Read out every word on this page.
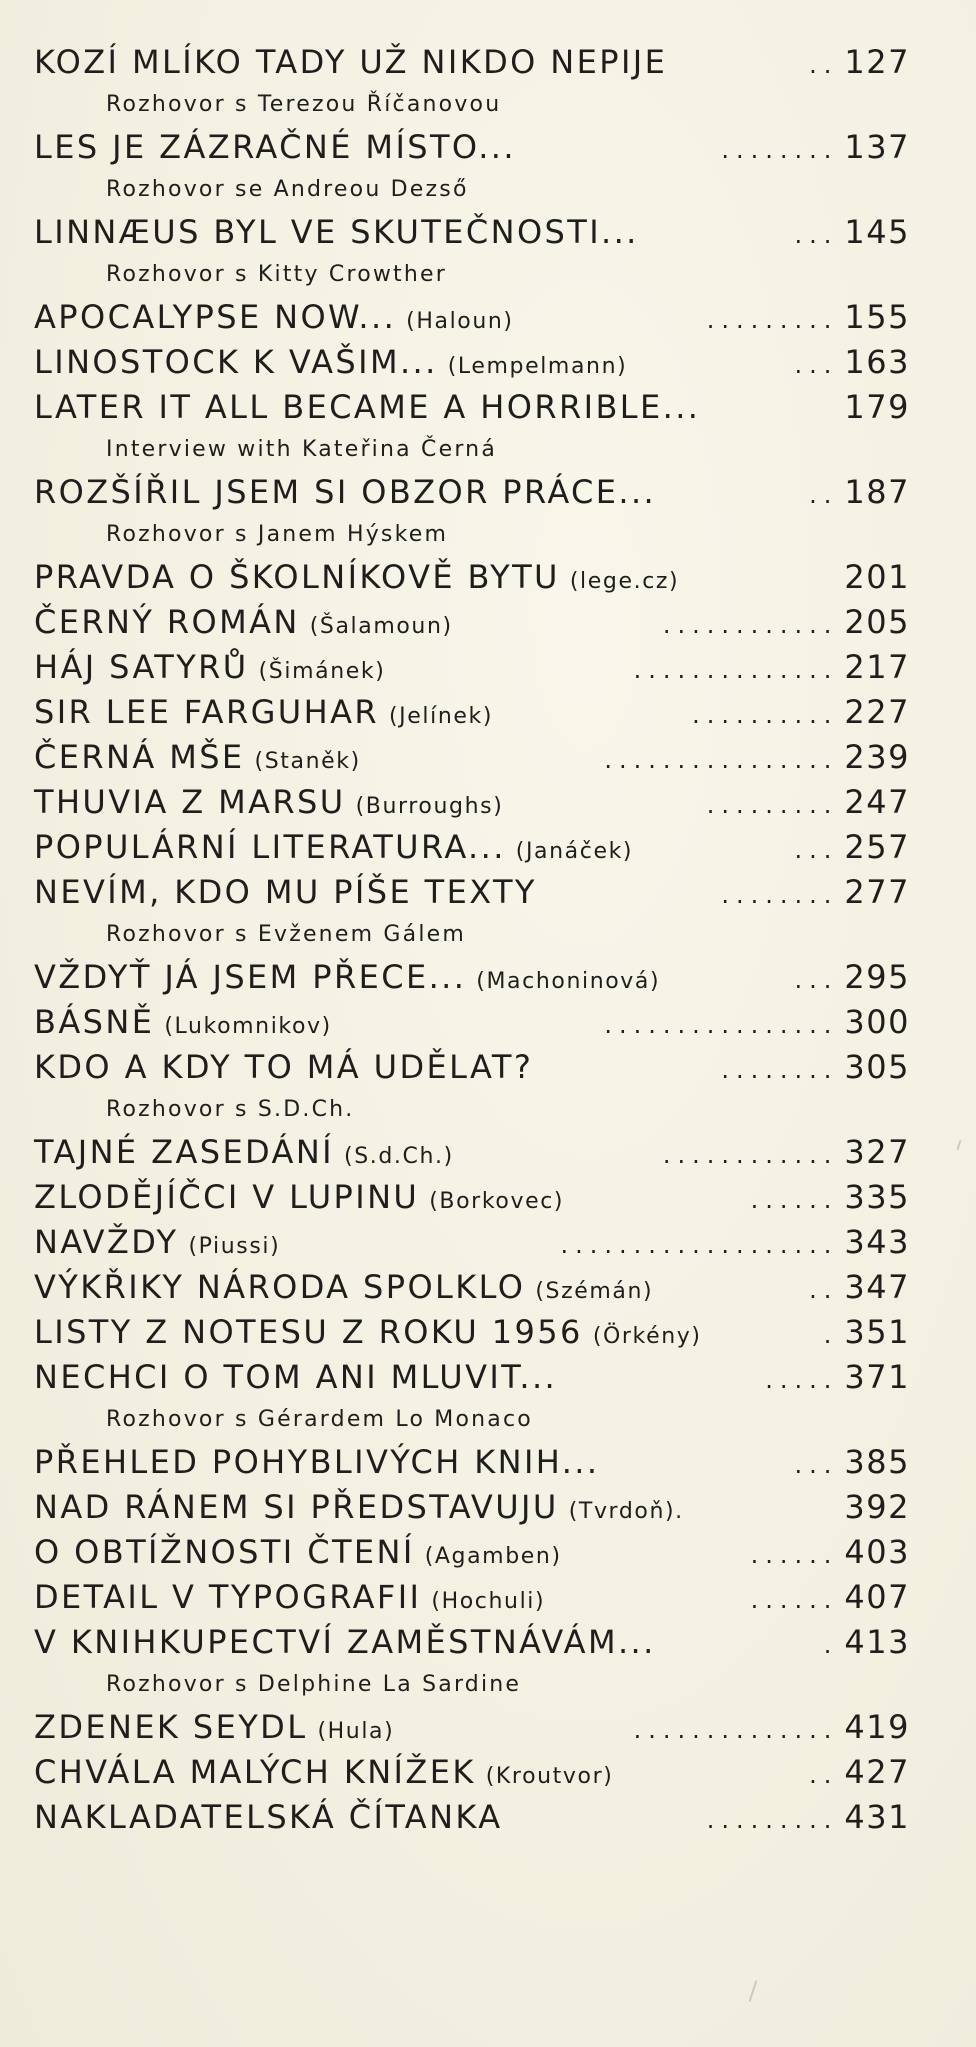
KOZÍ MLÍKO TADY UŽ NIKDO NEPIJE	.. 127
Rozhovor s Terezou Říčanovou
LES JE ZÁZRAČNÉ MÍSTO...	........ 137
Rozhovor se Andreou Dezső
LINNÆUS BYL VE SKUTEČNOSTI...	... 145
Rozhovor s Kitty Crowther
APOCALYPSE NOW... (Haloun)	......... 155
LINOSTOCK K VAŠIM... (Lempelmann)	... 163
LATER IT ALL BECAME A HORRIBLE...	179
Interview with Kateřina Černá
ROZŠÍŘIL JSEM SI OBZOR PRÁCE...	.. 187
Rozhovor s Janem Hýskem
PRAVDA O ŠKOLNÍKOVĚ BYTU (lege.cz)	201
ČERNÝ ROMÁN (Šalamoun)	............ 205
HÁJ SATYRŮ (Šimánek)	.............. 217
SIR LEE FARGUHAR (Jelínek)	.......... 227
ČERNÁ MŠE (Staněk)	................ 239
THUVIA Z MARSU (Burroughs)	......... 247
POPULÁRNÍ LITERATURA... (Janáček)	... 257
NEVÍM, KDO MU PÍŠE TEXTY	........ 277
Rozhovor s Evženem Gálem
VŽDYŤ JÁ JSEM PŘECE... (Machoninová)	... 295
BÁSNĚ (Lukomnikov)	................ 300
KDO A KDY TO MÁ UDĚLAT?	........ 305
Rozhovor s S.D.Ch.
TAJNÉ ZASEDÁNÍ (S.d.Ch.)	............ 327
ZLODĚJÍČCI V LUPINU (Borkovec)	...... 335
NAVŽDY (Piussi)	................... 343
VÝKŘIKY NÁRODA SPOLKLO (Szémán)	.. 347
LISTY Z NOTESU Z ROKU 1956 (Örkény)	. 351
NECHCI O TOM ANI MLUVIT...	..... 371
Rozhovor s Gérardem Lo Monaco
PŘEHLED POHYBLIVÝCH KNIH...	... 385
NAD RÁNEM SI PŘEDSTAVUJU (Tvrdoň).	392
O OBTÍŽNOSTI ČTENÍ (Agamben)	...... 403
DETAIL V TYPOGRAFII (Hochuli)	...... 407
V KNIHKUPECTVÍ ZAMĚSTNÁVÁM...	. 413
Rozhovor s Delphine La Sardine
ZDENEK SEYDL (Hula)	.............. 419
CHVÁLA MALÝCH KNÍŽEK (Kroutvor)	.. 427
NAKLADATELSKÁ ČÍTANKA	......... 431
